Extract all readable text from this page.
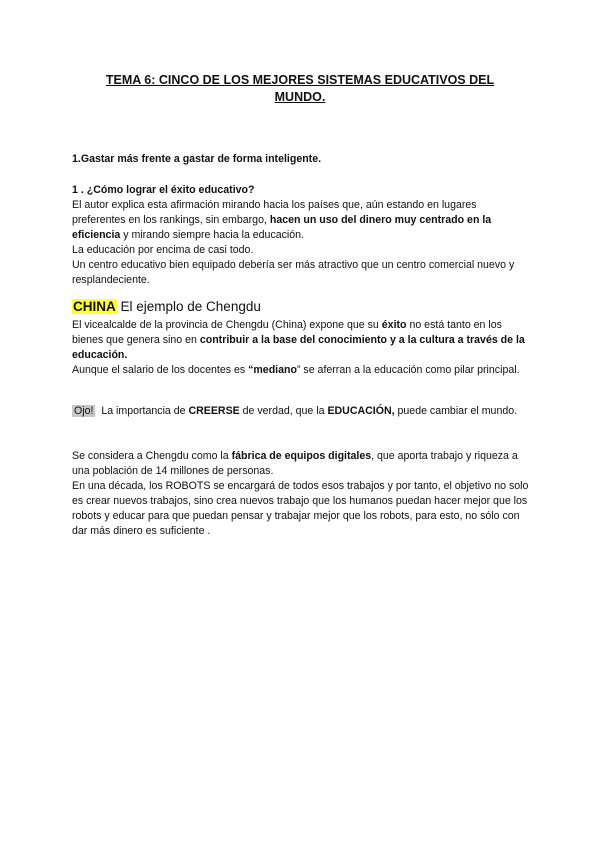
TEMA 6: CINCO DE LOS MEJORES SISTEMAS EDUCATIVOS DEL
MUNDO.

1.Gastar más frente a gastar de forma inteligente.

1 . ¿Cómo lograr el éxito educativo?
El autor explica esta afirmación mirando hacia los países que, aún estando en lugares preferentes en los rankings, sin embargo, hacen un uso del dinero muy centrado en la eficiencia y mirando siempre hacia la educación.
La educación por encima de casi todo.
Un centro educativo bien equipado debería ser más atractivo que un centro comercial nuevo y resplandeciente.
CHINA El ejemplo de Chengdu
El vicealcalde de la provincia de Chengdu (China) expone que su éxito no está tanto en los bienes que genera sino en contribuir a la base del conocimiento y a la cultura a través de la educación.
Aunque el salario de los docentes es “mediano” se aferran a la educación como pilar principal.
Ojo!  La importancia de CREERSE de verdad, que la EDUCACIÓN, puede cambiar el mundo.
Se considera a Chengdu como la fábrica de equipos digitales, que aporta trabajo y riqueza a una población de 14 millones de personas.
En una década, los ROBOTS se encargará de todos esos trabajos y por tanto, el objetivo no solo es crear nuevos trabajos, sino crea nuevos trabajo que los humanos puedan hacer mejor que los robots y educar para que puedan pensar y trabajar mejor que los robots, para esto, no sólo con dar más dinero es suficiente .
